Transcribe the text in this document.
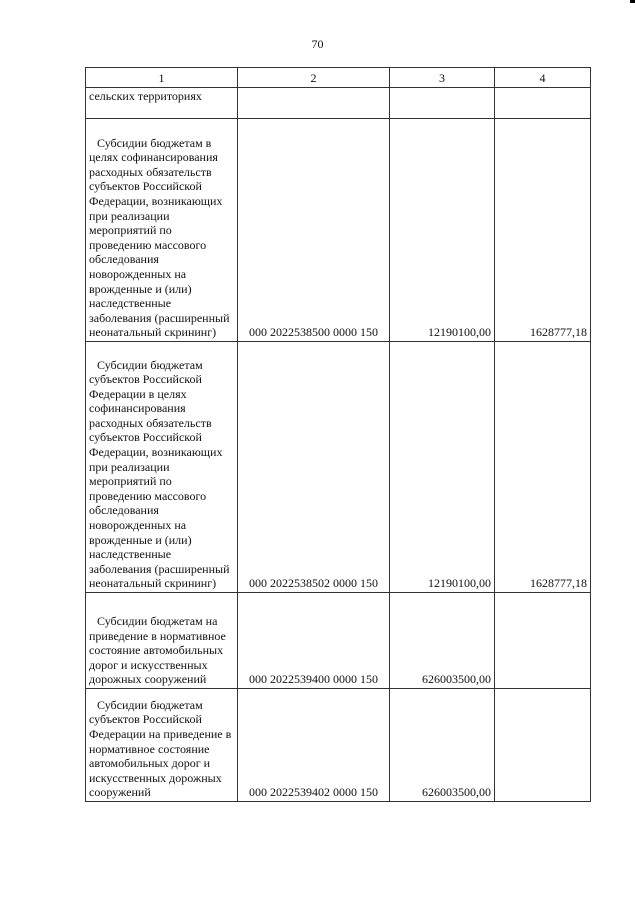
70
1	2	3	4
сельских территориях			
Субсидии бюджетам в целях софинансирования расходных обязательств субъектов Российской Федерации, возникающих при реализации мероприятий по проведению массового обследования новорожденных на врожденные и (или) наследственные заболевания (расширенный неонатальный скрининг)	000 2022538500 0000 150	12190100,00	1628777,18
Субсидии бюджетам субъектов Российской Федерации в целях софинансирования расходных обязательств субъектов Российской Федерации, возникающих при реализации мероприятий по проведению массового обследования новорожденных на врожденные и (или) наследственные заболевания (расширенный неонатальный скрининг)	000 2022538502 0000 150	12190100,00	1628777,18
Субсидии бюджетам на приведение в нормативное состояние автомобильных дорог и искусственных дорожных сооружений	000 2022539400 0000 150	626003500,00	
Субсидии бюджетам субъектов Российской Федерации на приведение в нормативное состояние автомобильных дорог и искусственных дорожных сооружений	000 2022539402 0000 150	626003500,00	
